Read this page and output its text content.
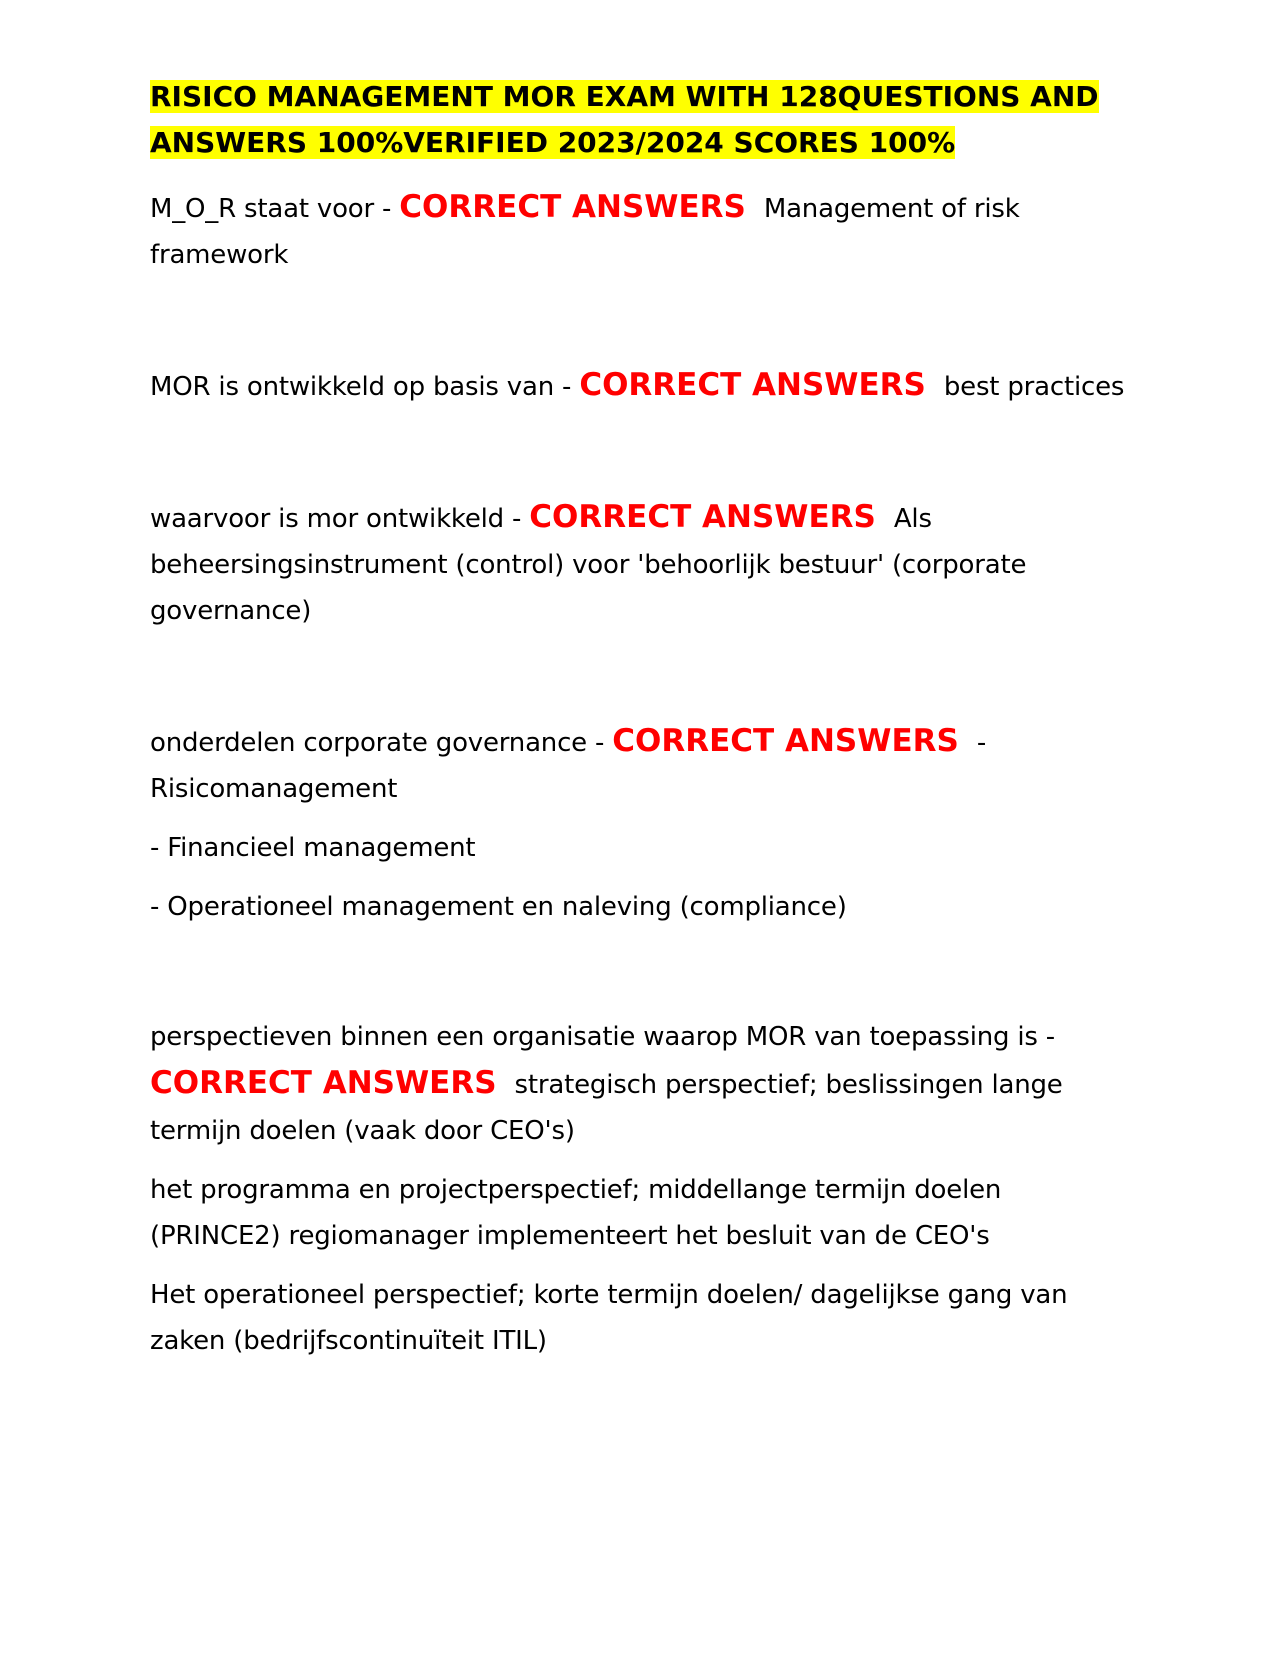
RISICO MANAGEMENT MOR EXAM WITH 128QUESTIONS AND ANSWERS 100%VERIFIED 2023/2024 SCORES 100%

M_O_R staat voor - CORRECT ANSWERS Management of risk framework

MOR is ontwikkeld op basis van - CORRECT ANSWERS best practices

waarvoor is mor ontwikkeld - CORRECT ANSWERS Als beheersingsinstrument (control) voor 'behoorlijk bestuur' (corporate governance)

onderdelen corporate governance - CORRECT ANSWERS - Risicomanagement

- Financieel management

- Operationeel management en naleving (compliance)

perspectieven binnen een organisatie waarop MOR van toepassing is - CORRECT ANSWERS strategisch perspectief; beslissingen lange termijn doelen (vaak door CEO's)

het programma en projectperspectief; middellange termijn doelen (PRINCE2) regiomanager implementeert het besluit van de CEO's

Het operationeel perspectief; korte termijn doelen/ dagelijkse gang van zaken (bedrijfscontinuïteit ITIL)
